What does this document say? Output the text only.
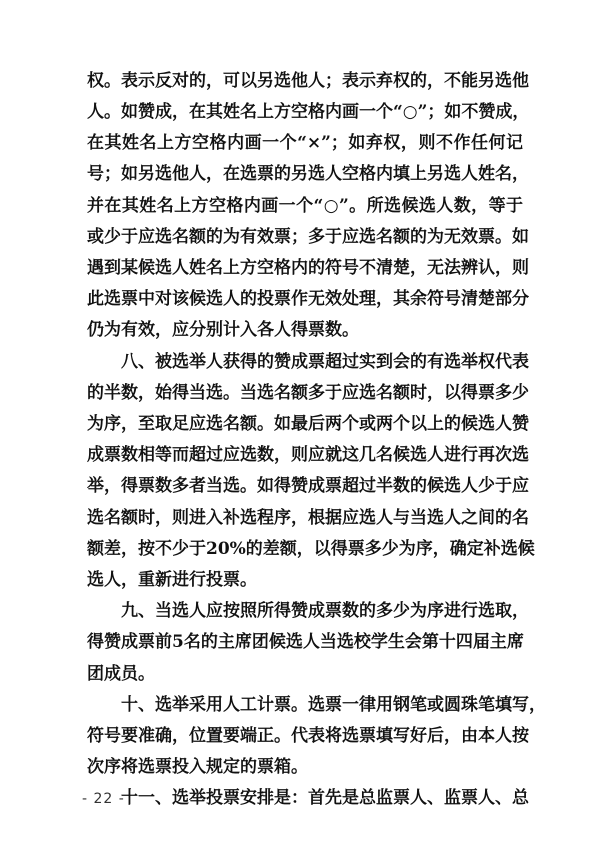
权。表示反对的，可以另选他人；表示弃权的，不能另选他
人。如赞成，在其姓名上方空格内画一个“○”；如不赞成，
在其姓名上方空格内画一个“×”；如弃权，则不作任何记
号；如另选他人，在选票的另选人空格内填上另选人姓名，
并在其姓名上方空格内画一个“○”。所选候选人数，等于
或少于应选名额的为有效票；多于应选名额的为无效票。如
遇到某候选人姓名上方空格内的符号不清楚，无法辨认，则
此选票中对该候选人的投票作无效处理，其余符号清楚部分
仍为有效，应分别计入各人得票数。
八、被选举人获得的赞成票超过实到会的有选举权代表
的半数，始得当选。当选名额多于应选名额时，以得票多少
为序，至取足应选名额。如最后两个或两个以上的候选人赞
成票数相等而超过应选数，则应就这几名候选人进行再次选
举，得票数多者当选。如得赞成票超过半数的候选人少于应
选名额时，则进入补选程序，根据应选人与当选人之间的名
额差，按不少于20%的差额，以得票多少为序，确定补选候
选人，重新进行投票。
九、当选人应按照所得赞成票数的多少为序进行选取，
得赞成票前5名的主席团候选人当选校学生会第十四届主席
团成员。
十、选举采用人工计票。选票一律用钢笔或圆珠笔填写，
符号要准确，位置要端正。代表将选票填写好后，由本人按
次序将选票投入规定的票箱。
十一、选举投票安排是：首先是总监票人、监票人、总
- 22 -
